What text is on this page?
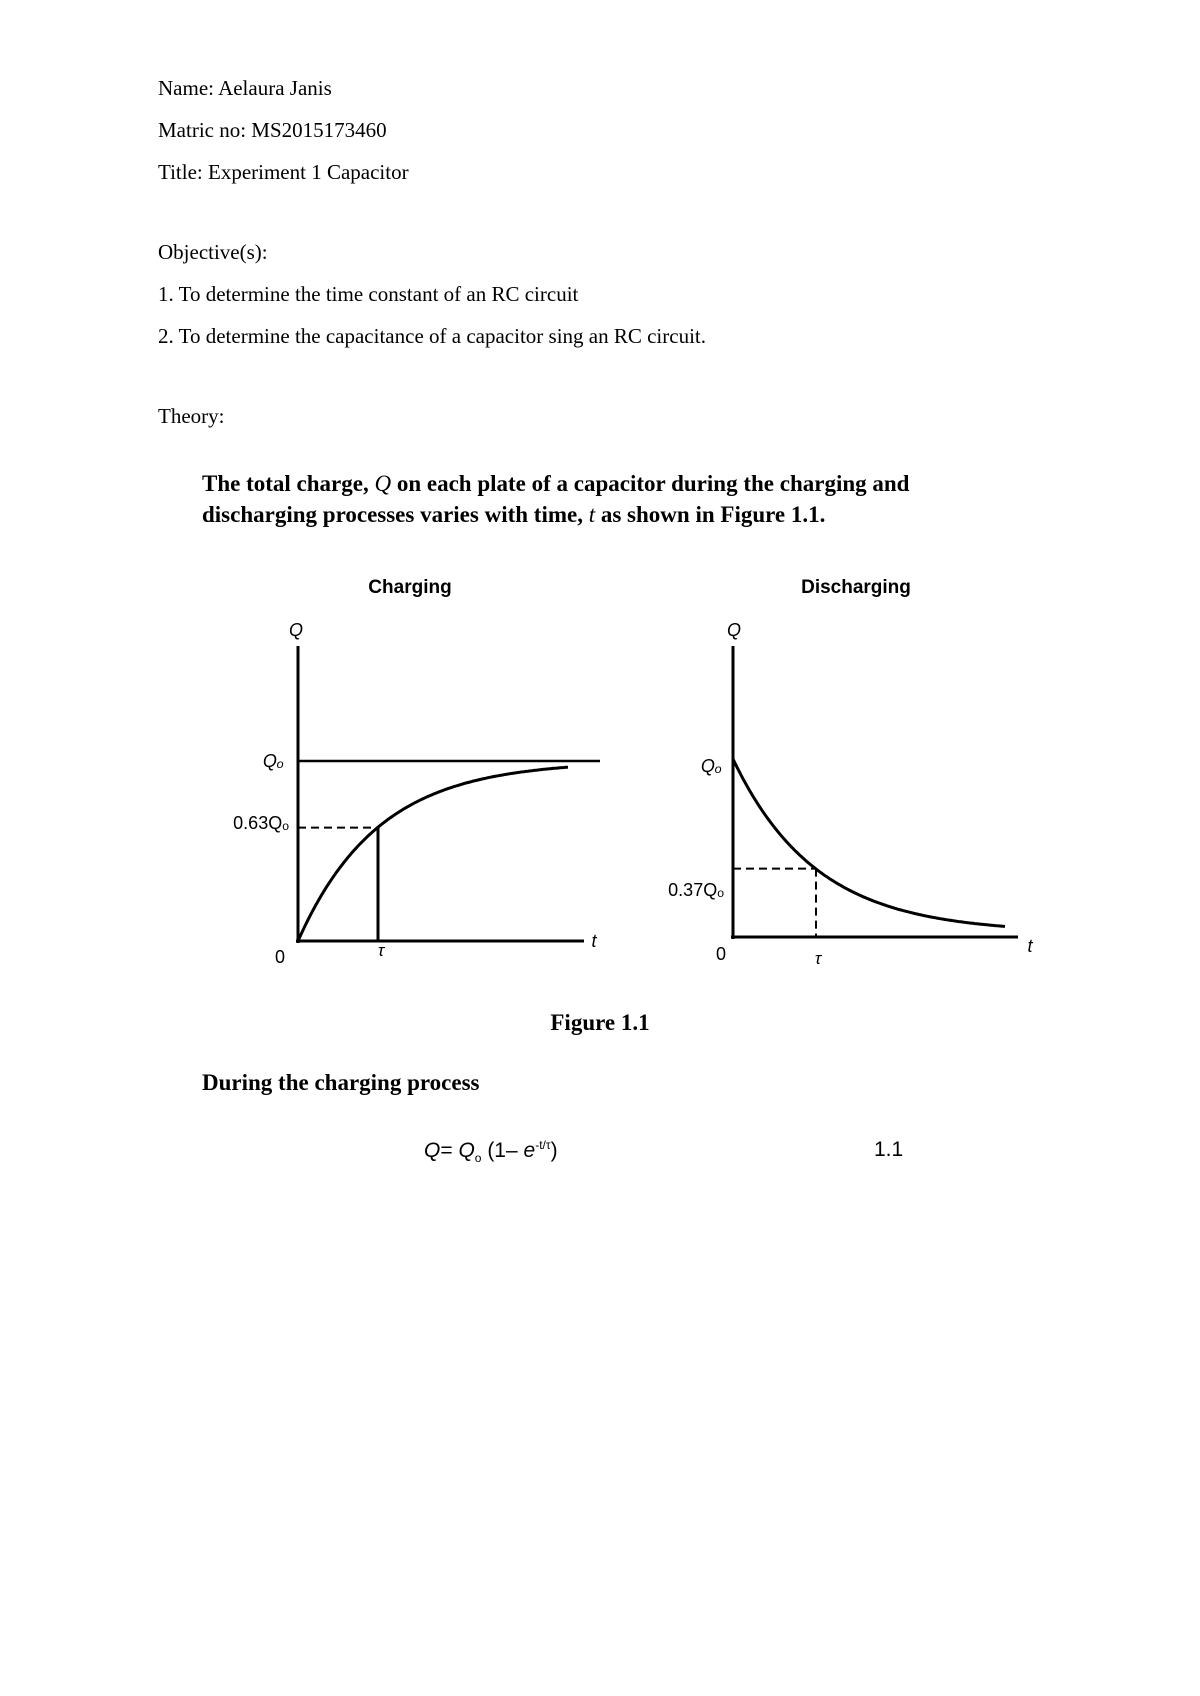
Name: Aelaura Janis
Matric no: MS2015173460
Title: Experiment 1 Capacitor
Objective(s):
1. To determine the time constant of an RC circuit
2. To determine the capacitance of a capacitor sing an RC circuit.
Theory:
The total charge, Q on each plate of a capacitor during the charging and discharging processes varies with time, t as shown in Figure 1.1.
Charging
Q
Qₒ
0.63Qₒ
0	τ	t
Discharging
Q
Qₒ
0.37Qₒ
0	τ
t
Figure 1.1
During the charging process
$Q= Q_o$ (1– $e^{-t/\tau}$)	1.1
